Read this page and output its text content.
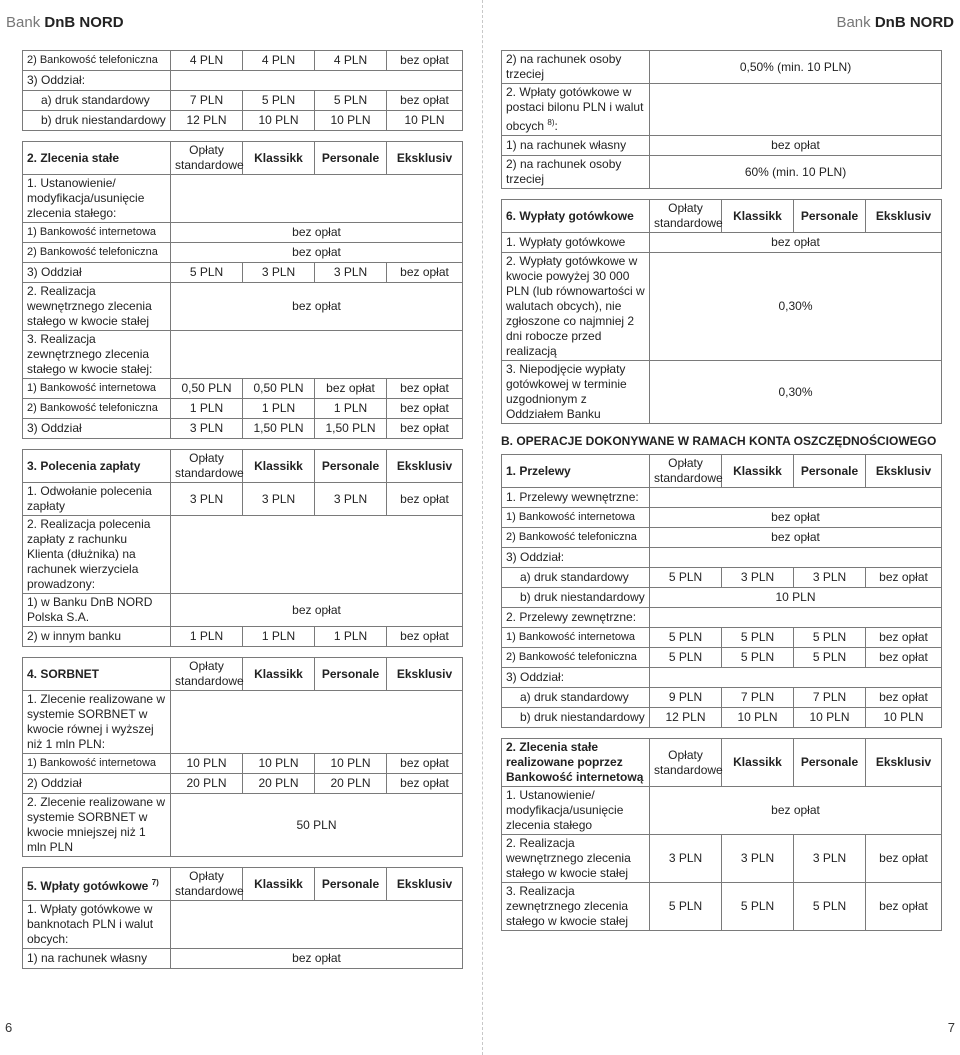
Bank DnB NORD	Bank DnB NORD
2) Bankowość telefoniczna	4 PLN	4 PLN	4 PLN	bez opłat
3) Oddział:				
a) druk standardowy	7 PLN	5 PLN	5 PLN	bez opłat
b) druk niestandardowy	12 PLN	10 PLN	10 PLN	10 PLN
2. Zlecenia stałe	Opłaty standardowe	Klassikk	Personale	Eksklusiv
1. Ustanowienie/ modyfikacja/usunięcie zlecenia stałego:				
1) Bankowość internetowa	bez opłat			
2) Bankowość telefoniczna	bez opłat			
3) Oddział	5 PLN	3 PLN	3 PLN	bez opłat
2. Realizacja wewnętrznego zlecenia stałego w kwocie stałej	bez opłat			
3. Realizacja zewnętrznego zlecenia stałego w kwocie stałej:				
1) Bankowość internetowa	0,50 PLN	0,50 PLN	bez opłat	bez opłat
2) Bankowość telefoniczna	1 PLN	1 PLN	1 PLN	bez opłat
3) Oddział	3 PLN	1,50 PLN	1,50 PLN	bez opłat
3. Polecenia zapłaty	Opłaty standardowe	Klassikk	Personale	Eksklusiv
1. Odwołanie polecenia zapłaty	3 PLN	3 PLN	3 PLN	bez opłat
2. Realizacja polecenia zapłaty z rachunku Klienta (dłużnika) na rachunek wierzyciela prowadzony:				
1) w Banku DnB NORD Polska S.A.	bez opłat			
2) w innym banku	1 PLN	1 PLN	1 PLN	bez opłat
4. SORBNET	Opłaty standardowe	Klassikk	Personale	Eksklusiv
1. Zlecenie realizowane w systemie SORBNET w kwocie równej i wyższej niż 1 mln PLN:				
1) Bankowość internetowa	10 PLN	10 PLN	10 PLN	bez opłat
2) Oddział	20 PLN	20 PLN	20 PLN	bez opłat
2. Zlecenie realizowane w systemie SORBNET w kwocie mniejszej niż 1 mln PLN	50 PLN			
5. Wpłaty gotówkowe $^{7)}$	Opłaty standardowe	Klassikk	Personale	Eksklusiv
1. Wpłaty gotówkowe w banknotach PLN i walut obcych:				
1) na rachunek własny	bez opłat			
2) na rachunek osoby trzeciej	0,50% (min. 10 PLN)
2. Wpłaty gotówkowe w postaci bilonu PLN i walut obcych $^{8)}$:	
1) na rachunek własny	bez opłat
2) na rachunek osoby trzeciej	60% (min. 10 PLN)
6. Wypłaty gotówkowe	Opłaty standardowe	Klassikk	Personale	Eksklusiv
1. Wypłaty gotówkowe	bez opłat			
2. Wypłaty gotówkowe w kwocie powyżej 30 000 PLN (lub równowartości w walutach obcych), nie zgłoszone co najmniej 2 dni robocze przed realizacją	0,30%			
3. Niepodjęcie wypłaty gotówkowej w terminie uzgodnionym z Oddziałem Banku	0,30%			
B. OPERACJE DOKONYWANE W RAMACH KONTA OSZCZĘDNOŚCIOWEGO
1. Przelewy	Opłaty standardowe	Klassikk	Personale	Eksklusiv
1. Przelewy wewnętrzne:				
1) Bankowość internetowa	bez opłat			
2) Bankowość telefoniczna	bez opłat			
3) Oddział:				
a) druk standardowy	5 PLN	3 PLN	3 PLN	bez opłat
b) druk niestandardowy	10 PLN			
2. Przelewy zewnętrzne:				
1) Bankowość internetowa	5 PLN	5 PLN	5 PLN	bez opłat
2) Bankowość telefoniczna	5 PLN	5 PLN	5 PLN	bez opłat
3) Oddział:				
a) druk standardowy	9 PLN	7 PLN	7 PLN	bez opłat
b) druk niestandardowy	12 PLN	10 PLN	10 PLN	10 PLN
2. Zlecenia stałe realizowane poprzez Bankowość internetową	Opłaty standardowe	Klassikk	Personale	Eksklusiv
1. Ustanowienie/ modyfikacja/usunięcie zlecenia stałego	bez opłat			
2. Realizacja wewnętrznego zlecenia stałego w kwocie stałej	3 PLN	3 PLN	3 PLN	bez opłat
3. Realizacja zewnętrznego zlecenia stałego w kwocie stałej	5 PLN	5 PLN	5 PLN	bez opłat
6	7
